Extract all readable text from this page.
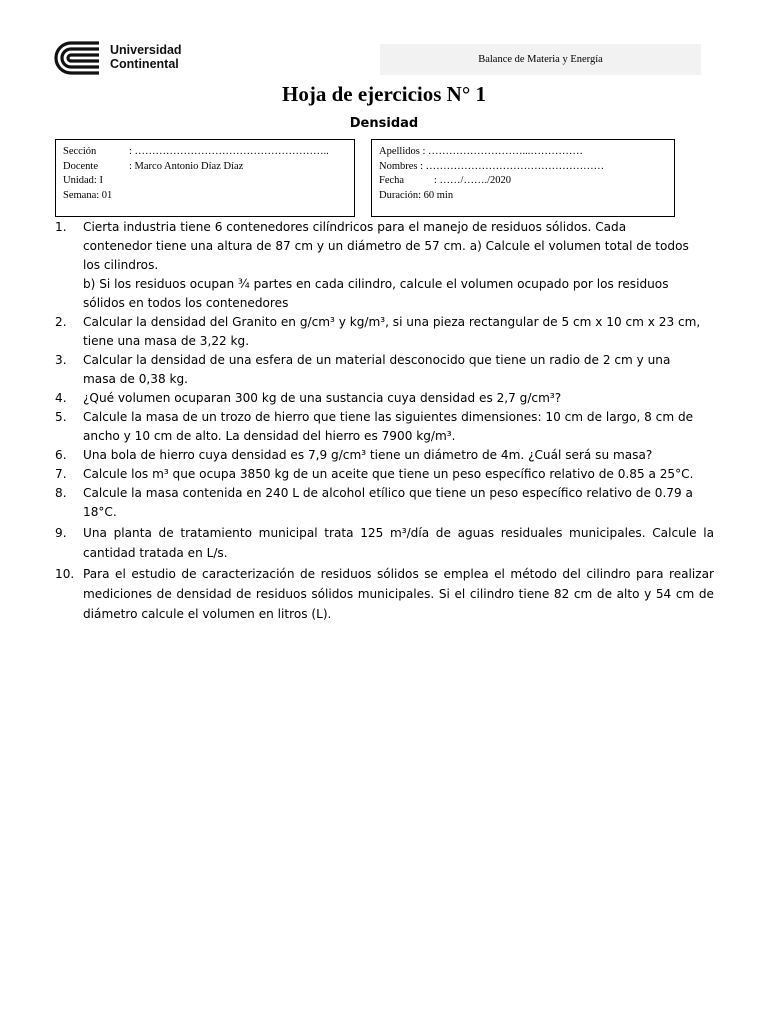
Universidad
Continental	Balance de Materia y Energía
Hoja de ejercicios N° 1
Densidad
Sección	: ………………………………………………..
Docente	: Marco Antonio Díaz Díaz
Unidad: I
Semana: 01
Apellidos : ………………………...……………
Nombres : ……………………………………………
Fecha	: ……/……./2020
Duración: 60 min
1.	Cierta industria tiene 6 contenedores cilíndricos para el manejo de residuos sólidos. Cada
contenedor tiene una altura de 87 cm y un diámetro de 57 cm. a) Calcule el volumen total de todos
los cilindros.
b) Si los residuos ocupan ¾ partes en cada cilindro, calcule el volumen ocupado por los residuos
sólidos en todos los contenedores
2.	Calcular la densidad del Granito en g/cm³ y kg/m³, si una pieza rectangular de 5 cm x 10 cm x 23 cm,
tiene una masa de 3,22 kg.
3.	Calcular la densidad de una esfera de un material desconocido que tiene un radio de 2 cm y una
masa de 0,38 kg.
4.	¿Qué volumen ocuparan 300 kg de una sustancia cuya densidad es 2,7 g/cm³?
5.	Calcule la masa de un trozo de hierro que tiene las siguientes dimensiones: 10 cm de largo, 8 cm de
ancho y 10 cm de alto. La densidad del hierro es 7900 kg/m³.
6.	Una bola de hierro cuya densidad es 7,9 g/cm³ tiene un diámetro de 4m. ¿Cuál será su masa?
7.	Calcule los m³ que ocupa 3850 kg de un aceite que tiene un peso específico relativo de 0.85 a 25°C.
8.	Calcule la masa contenida en 240 L de alcohol etílico que tiene un peso específico relativo de 0.79 a
18°C.
9.	Una planta de tratamiento municipal trata 125 m³/día de aguas residuales municipales. Calcule la cantidad tratada en L/s.
10. Para el estudio de caracterización de residuos sólidos se emplea el método del cilindro para realizar mediciones de densidad de residuos sólidos municipales. Si el cilindro tiene 82 cm de alto y 54 cm de diámetro calcule el volumen en litros (L).
